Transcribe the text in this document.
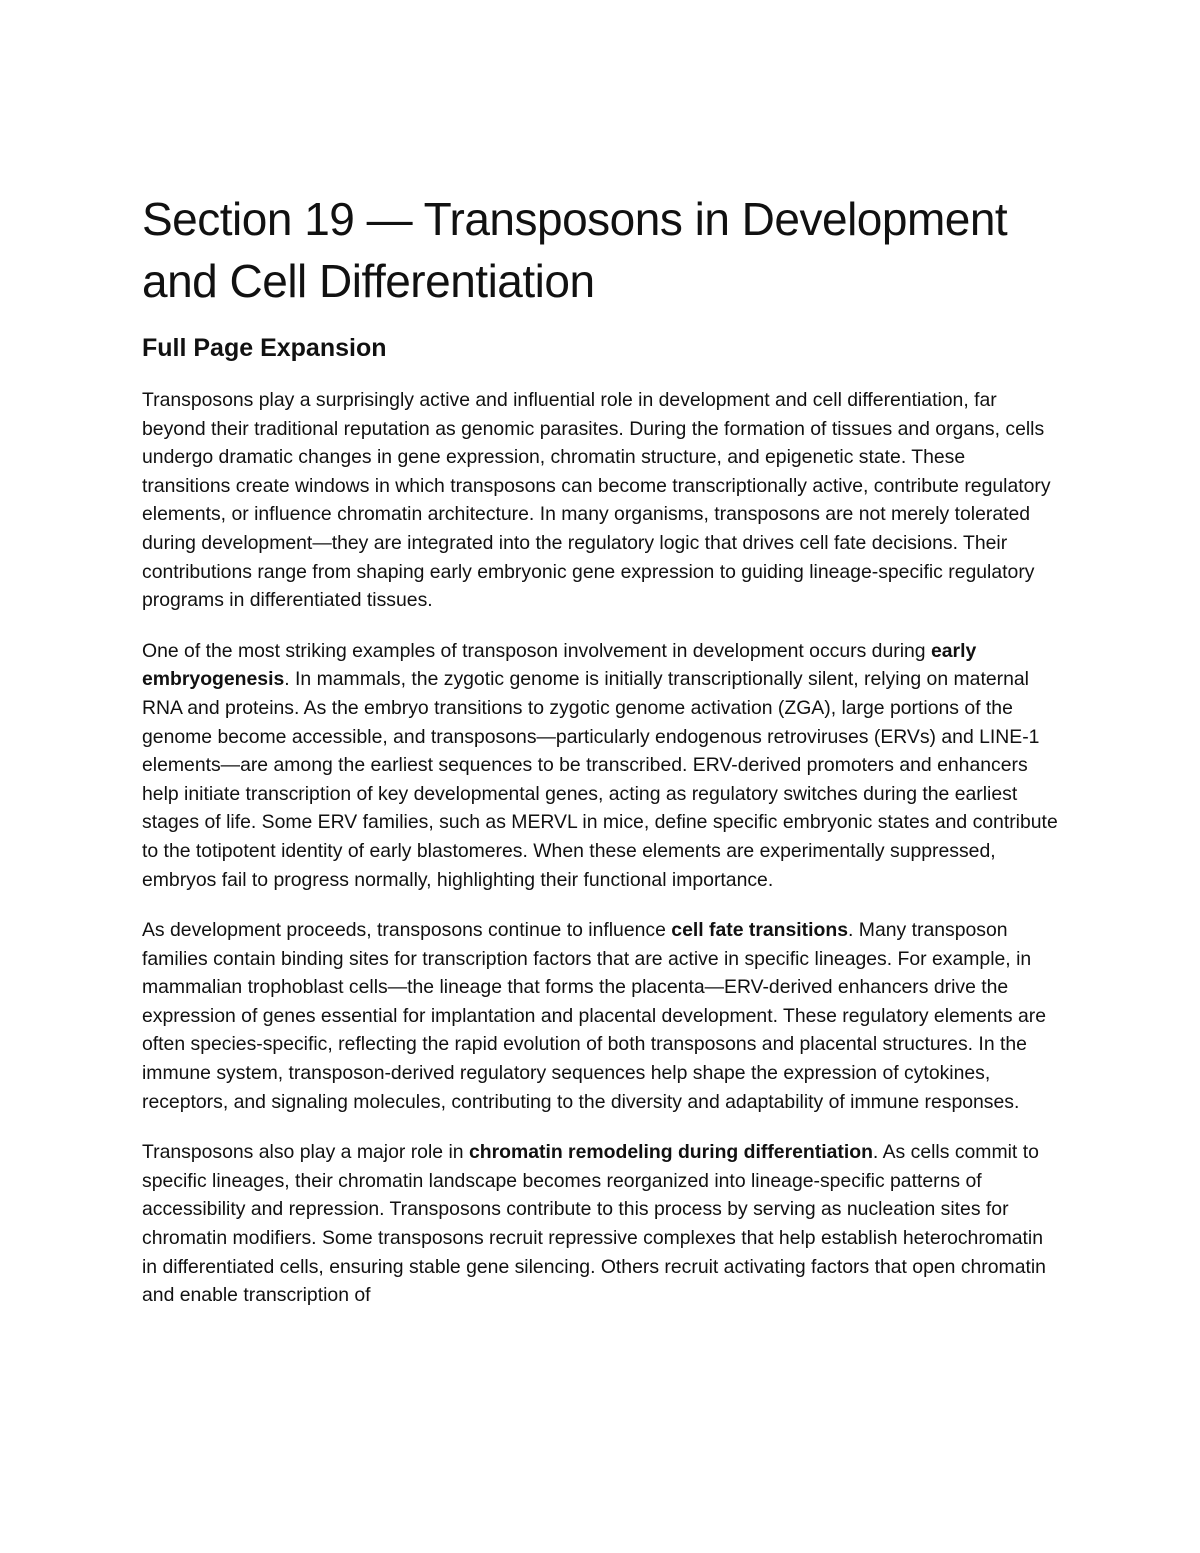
Section 19 — Transposons in Development and Cell Differentiation
Full Page Expansion

Transposons play a surprisingly active and influential role in development and cell differentiation, far beyond their traditional reputation as genomic parasites. During the formation of tissues and organs, cells undergo dramatic changes in gene expression, chromatin structure, and epigenetic state. These transitions create windows in which transposons can become transcriptionally active, contribute regulatory elements, or influence chromatin architecture. In many organisms, transposons are not merely tolerated during development—they are integrated into the regulatory logic that drives cell fate decisions. Their contributions range from shaping early embryonic gene expression to guiding lineage-specific regulatory programs in differentiated tissues.

One of the most striking examples of transposon involvement in development occurs during early embryogenesis. In mammals, the zygotic genome is initially transcriptionally silent, relying on maternal RNA and proteins. As the embryo transitions to zygotic genome activation (ZGA), large portions of the genome become accessible, and transposons—particularly endogenous retroviruses (ERVs) and LINE-1 elements—are among the earliest sequences to be transcribed. ERV-derived promoters and enhancers help initiate transcription of key developmental genes, acting as regulatory switches during the earliest stages of life. Some ERV families, such as MERVL in mice, define specific embryonic states and contribute to the totipotent identity of early blastomeres. When these elements are experimentally suppressed, embryos fail to progress normally, highlighting their functional importance.

As development proceeds, transposons continue to influence cell fate transitions. Many transposon families contain binding sites for transcription factors that are active in specific lineages. For example, in mammalian trophoblast cells—the lineage that forms the placenta—ERV-derived enhancers drive the expression of genes essential for implantation and placental development. These regulatory elements are often species-specific, reflecting the rapid evolution of both transposons and placental structures. In the immune system, transposon-derived regulatory sequences help shape the expression of cytokines, receptors, and signaling molecules, contributing to the diversity and adaptability of immune responses.

Transposons also play a major role in chromatin remodeling during differentiation. As cells commit to specific lineages, their chromatin landscape becomes reorganized into lineage-specific patterns of accessibility and repression. Transposons contribute to this process by serving as nucleation sites for chromatin modifiers. Some transposons recruit repressive complexes that help establish heterochromatin in differentiated cells, ensuring stable gene silencing. Others recruit activating factors that open chromatin and enable transcription of
